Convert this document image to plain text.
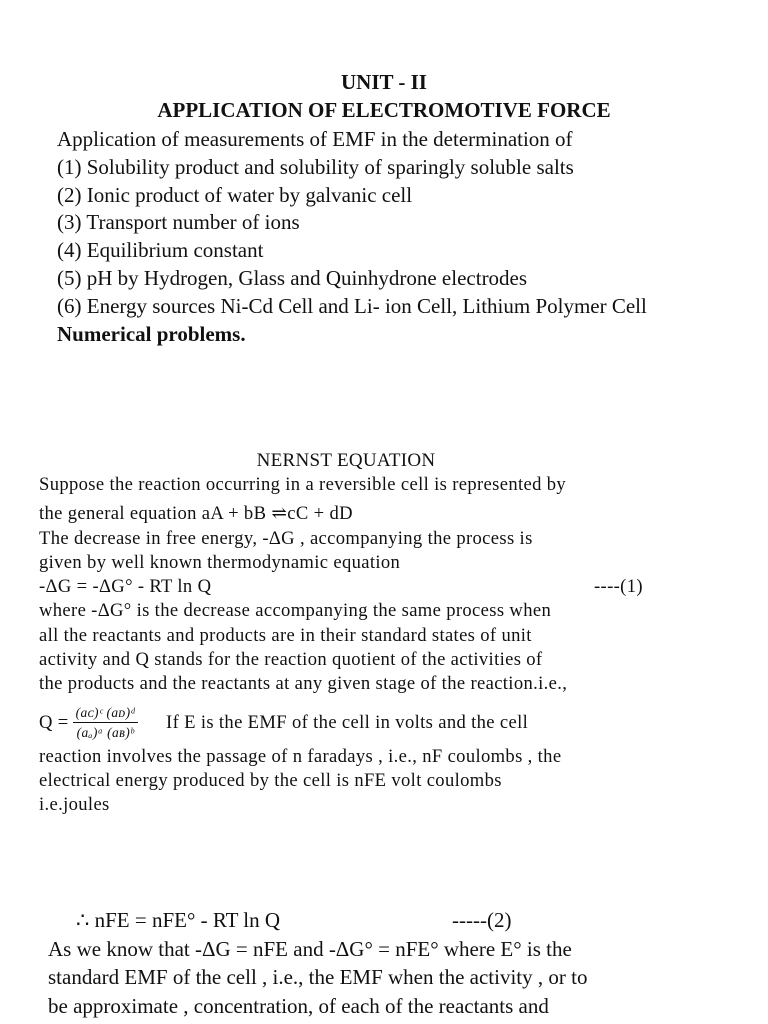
UNIT - II
APPLICATION OF ELECTROMOTIVE FORCE
Application of measurements of EMF in the determination of
(1) Solubility product and solubility of sparingly soluble salts
(2) Ionic product of water by galvanic cell
(3) Transport number of ions
(4) Equilibrium constant
(5) pH by Hydrogen, Glass and Quinhydrone electrodes
(6) Energy sources Ni-Cd Cell and Li- ion Cell, Lithium Polymer Cell
Numerical problems.
NERNST EQUATION
Suppose the reaction occurring in a reversible cell is represented by
the general equation aA + bB ⇌cC + dD
The decrease in free energy, -ΔG , accompanying the process is
given by well known thermodynamic equation
-ΔG = -ΔG° - RT ln Q	----(1)
where -ΔG° is the decrease accompanying the same process when
all the reactants and products are in their standard states of unit
activity and Q stands for the reaction quotient of the activities of
the products and the reactants at any given stage of the reaction.i.e.,
$Q = \frac{\text{(aᴄ)ᶜ (aᴅ)ᵈ}}{\text{(aₐ)ᵃ (aʙ)ᵇ}}$ If E is the EMF of the cell in volts and the cell
reaction involves the passage of n faradays , i.e., nF coulombs , the
electrical energy produced by the cell is nFE volt coulombs
i.e.joules
∴ nFE = nFE° - RT ln Q	-----(2)
As we know that -ΔG = nFE and -ΔG° = nFE° where E° is the
standard EMF of the cell , i.e., the EMF when the activity , or to
be approximate , concentration, of each of the reactants and
